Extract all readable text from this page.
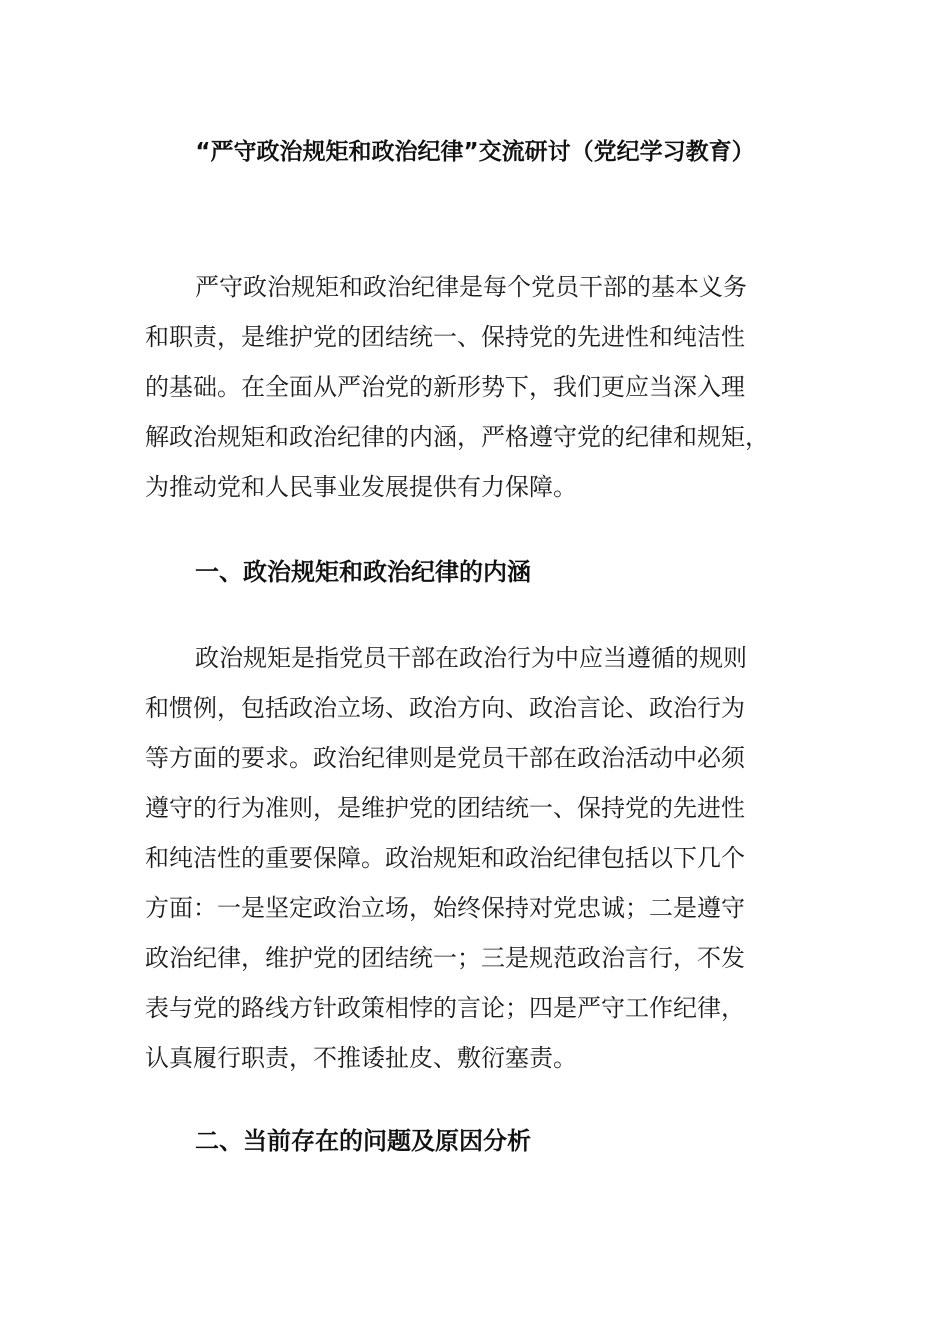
“严守政治规矩和政治纪律”交流研讨（党纪学习教育）
严守政治规矩和政治纪律是每个党员干部的基本义务
和职责，是维护党的团结统一、保持党的先进性和纯洁性
的基础。在全面从严治党的新形势下，我们更应当深入理
解政治规矩和政治纪律的内涵，严格遵守党的纪律和规矩，
为推动党和人民事业发展提供有力保障。
一、政治规矩和政治纪律的内涵
政治规矩是指党员干部在政治行为中应当遵循的规则
和惯例，包括政治立场、政治方向、政治言论、政治行为
等方面的要求。政治纪律则是党员干部在政治活动中必须
遵守的行为准则，是维护党的团结统一、保持党的先进性
和纯洁性的重要保障。政治规矩和政治纪律包括以下几个
方面：一是坚定政治立场，始终保持对党忠诚；二是遵守
政治纪律，维护党的团结统一；三是规范政治言行，不发
表与党的路线方针政策相悖的言论；四是严守工作纪律，
认真履行职责，不推诿扯皮、敷衍塞责。
二、当前存在的问题及原因分析
